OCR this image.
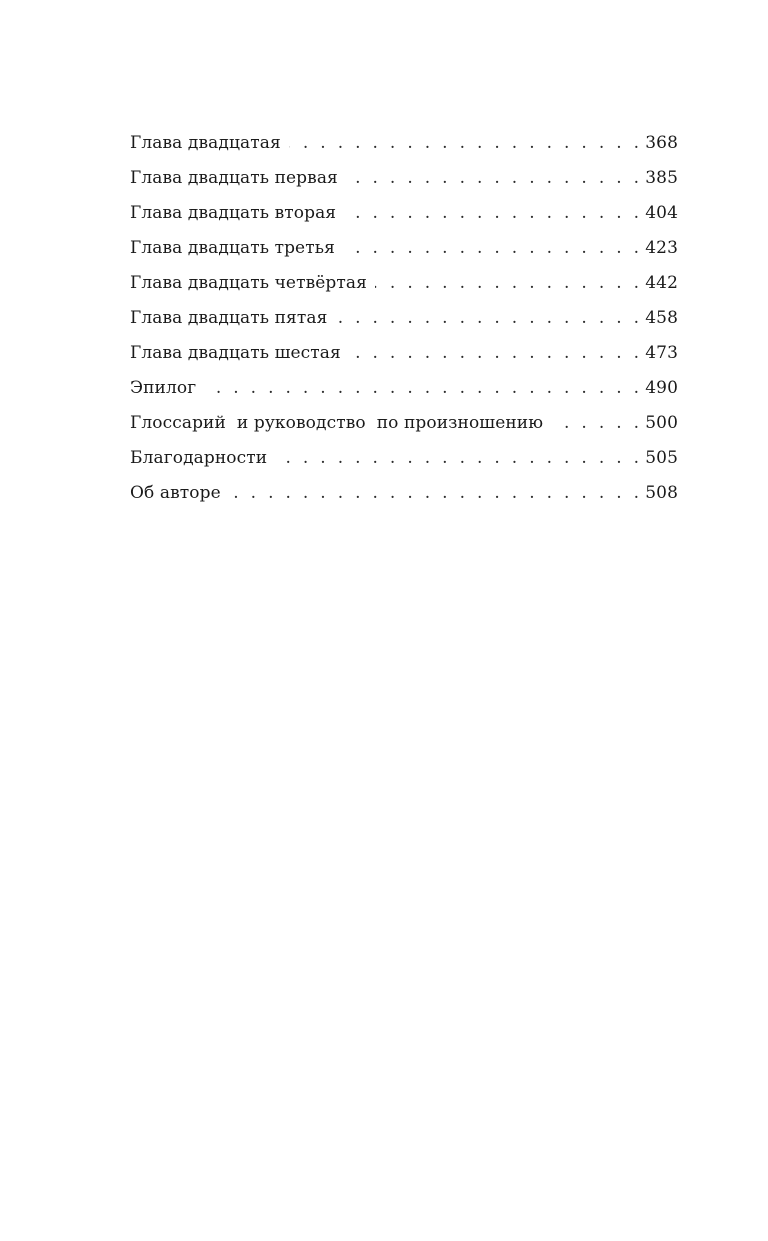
Глава двадцатая . . .	368
Глава двадцать первая . . .	385
Глава двадцать вторая . . .	404
Глава двадцать третья . . .	423
Глава двадцать четвёртая . . .	442
Глава двадцать пятая . . .	458
Глава двадцать шестая . . .	473
Эпилог . . .	490
Глоссарий  и руководство  по произношению . . .	500
Благодарности . . .	505
Об авторе . . .	508
